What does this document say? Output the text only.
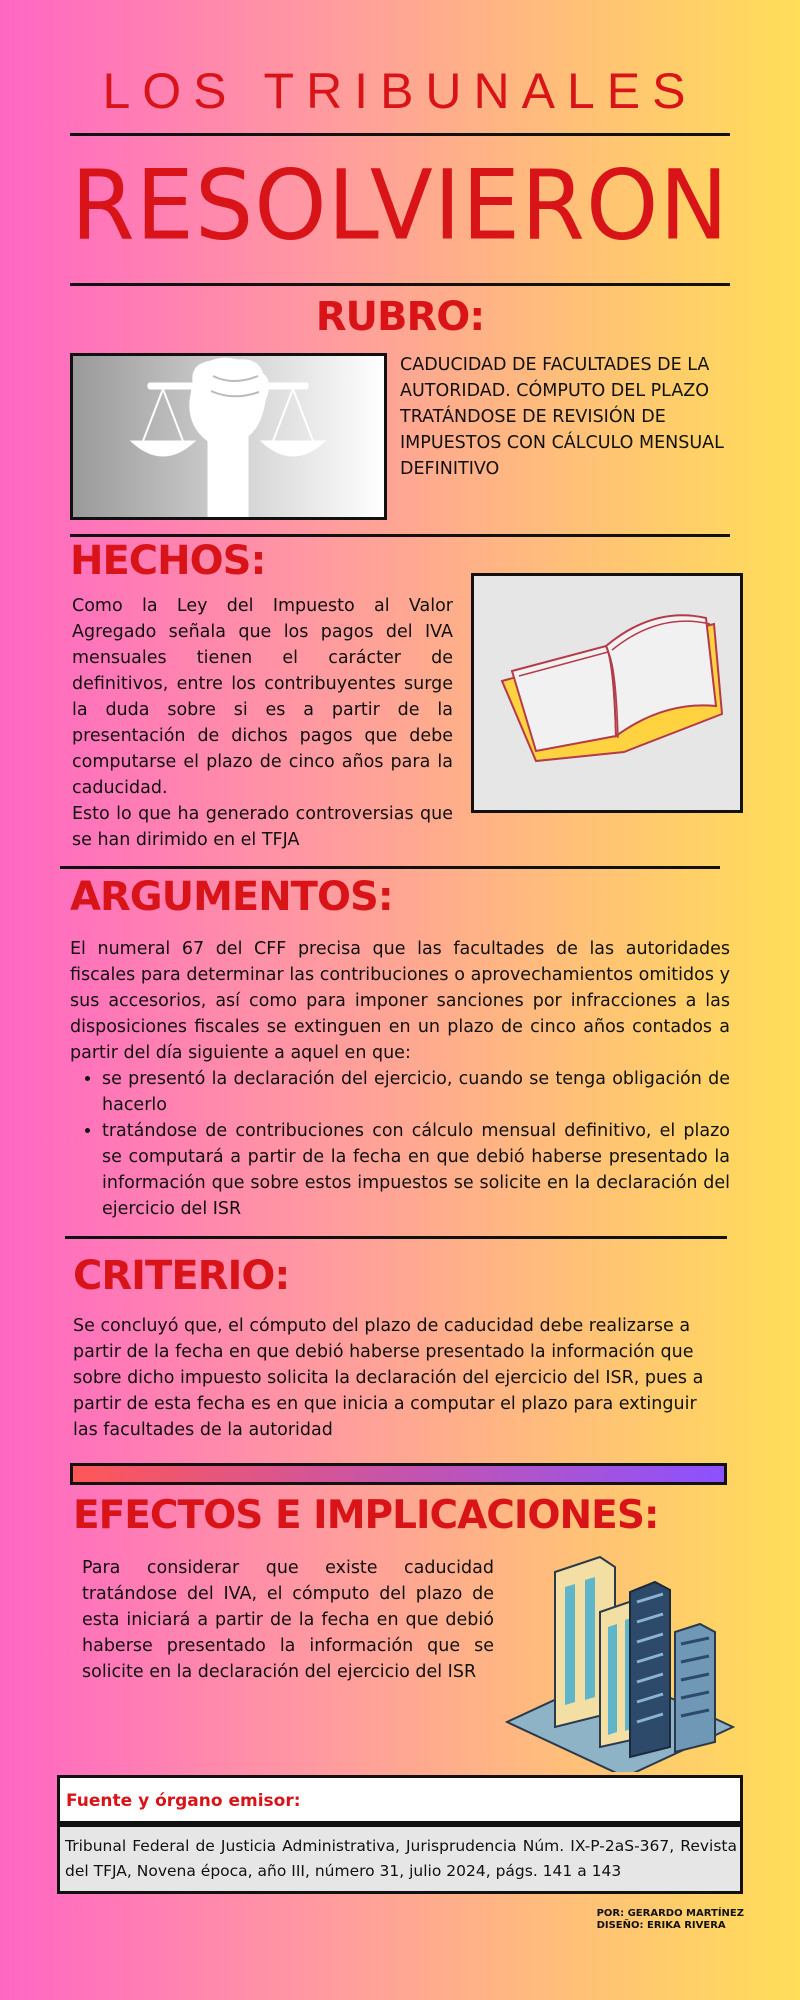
LOS TRIBUNALES
RESOLVIERON
RUBRO:
CADUCIDAD DE FACULTADES DE LA AUTORIDAD. CÓMPUTO DEL PLAZO TRATÁNDOSE DE REVISIÓN DE IMPUESTOS CON CÁLCULO MENSUAL DEFINITIVO
HECHOS:
Como la Ley del Impuesto al Valor Agregado señala que los pagos del IVA mensuales tienen el carácter de definitivos, entre los contribuyentes surge la duda sobre si es a partir de la presentación de dichos pagos que debe computarse el plazo de cinco años para la caducidad.
Esto lo que ha generado controversias que se han dirimido en el TFJA
ARGUMENTOS:
El numeral 67 del CFF precisa que las facultades de las autoridades fiscales para determinar las contribuciones o aprovechamientos omitidos y sus accesorios, así como para imponer sanciones por infracciones a las disposiciones fiscales se extinguen en un plazo de cinco años contados a partir del día siguiente a aquel en que:
• se presentó la declaración del ejercicio, cuando se tenga obligación de hacerlo
• tratándose de contribuciones con cálculo mensual definitivo, el plazo se computará a partir de la fecha en que debió haberse presentado la información que sobre estos impuestos se solicite en la declaración del ejercicio del ISR
CRITERIO:
Se concluyó que, el cómputo del plazo de caducidad debe realizarse a partir de la fecha en que debió haberse presentado la información que sobre dicho impuesto solicita la declaración del ejercicio del ISR, pues a partir de esta fecha es en que inicia a computar el plazo para extinguir las facultades de la autoridad
EFECTOS E IMPLICACIONES:
Para considerar que existe caducidad tratándose del IVA, el cómputo del plazo de esta iniciará a partir de la fecha en que debió haberse presentado la información que se solicite en la declaración del ejercicio del ISR
Fuente y órgano emisor:
Tribunal Federal de Justicia Administrativa, Jurisprudencia Núm. IX-P-2aS-367, Revista del TFJA, Novena época, año III, número 31, julio 2024, págs. 141 a 143
POR: GERARDO MARTÍNEZ
DISEÑO: ERIKA RIVERA
